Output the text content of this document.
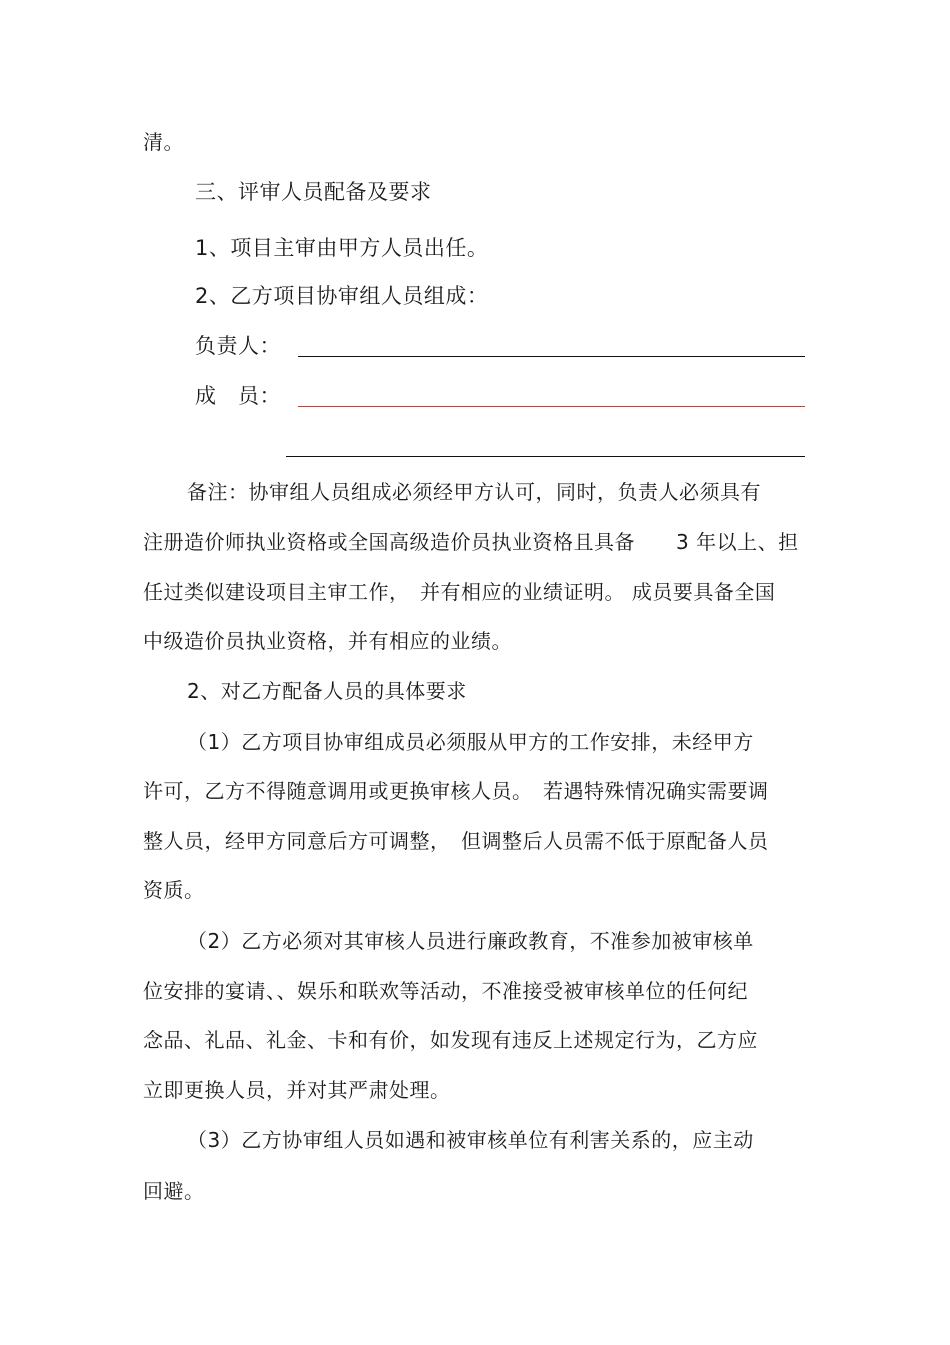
清。
三、评审人员配备及要求
1、项目主审由甲方人员出任。
2、乙方项目协审组人员组成：
负责人：
成　员：
备注：协审组人员组成必须经甲方认可，同时，负责人必须具有
注册造价师执业资格或全国高级造价员执业资格且具备　　3 年以上、担
任过类似建设项目主审工作，　并有相应的业绩证明。 成员要具备全国
中级造价员执业资格，并有相应的业绩。
2、对乙方配备人员的具体要求
（1）乙方项目协审组成员必须服从甲方的工作安排，未经甲方
许可，乙方不得随意调用或更换审核人员。　若遇特殊情况确实需要调
整人员，经甲方同意后方可调整，　但调整后人员需不低于原配备人员
资质。
（2）乙方必须对其审核人员进行廉政教育，不准参加被审核单
位安排的宴请、、娱乐和联欢等活动，不准接受被审核单位的任何纪
念品、礼品、礼金、卡和有价，如发现有违反上述规定行为，乙方应
立即更换人员，并对其严肃处理。
（3）乙方协审组人员如遇和被审核单位有利害关系的，应主动
回避。
